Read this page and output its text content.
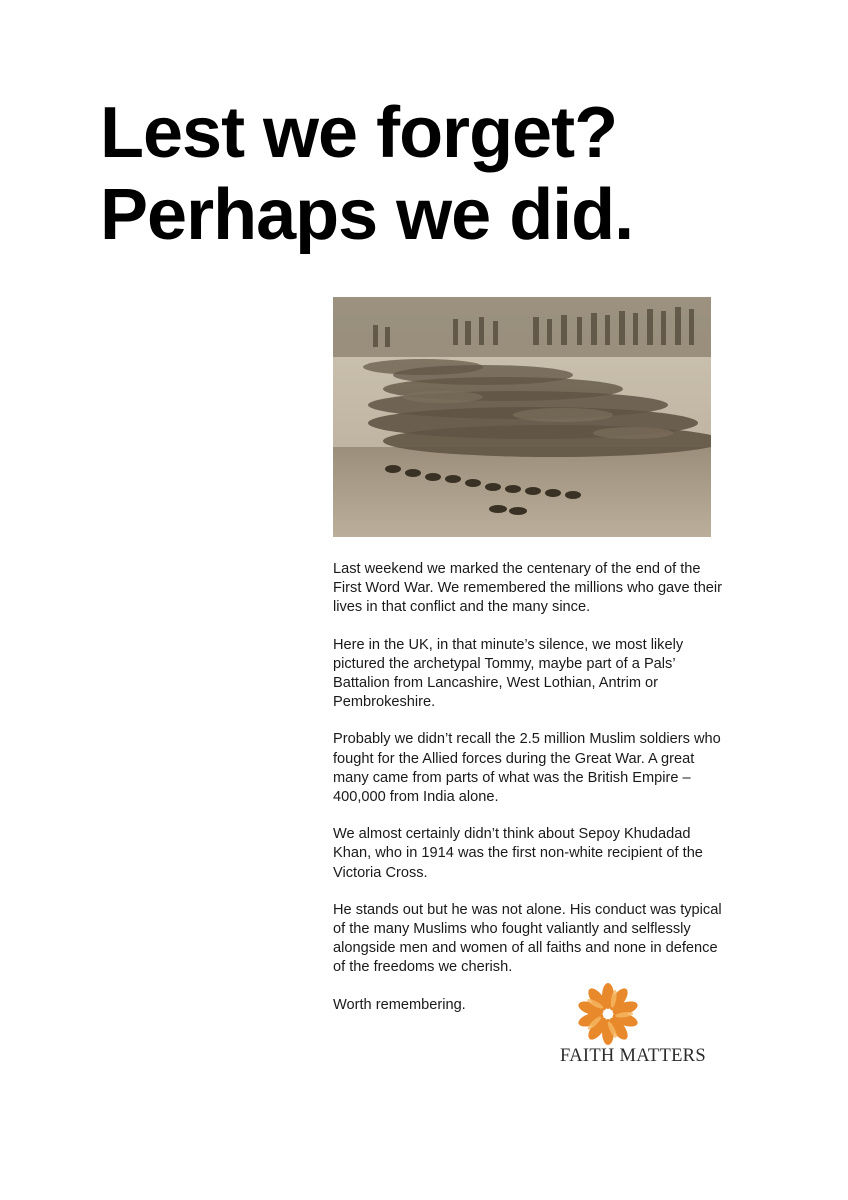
Lest we forget?
Perhaps we did.

Last weekend we marked the centenary of the end of the First Word War. We remembered the millions who gave their lives in that conflict and the many since.

Here in the UK, in that minute’s silence, we most likely pictured the archetypal Tommy, maybe part of a Pals’ Battalion from Lancashire, West Lothian, Antrim or Pembrokeshire.

Probably we didn’t recall the 2.5 million Muslim soldiers who fought for the Allied forces during the Great War. A great many came from parts of what was the British Empire – 400,000 from India alone.

We almost certainly didn’t think about Sepoy Khudadad Khan, who in 1914 was the first non-white recipient of the Victoria Cross.

He stands out but he was not alone. His conduct was typical of the many Muslims who fought valiantly and selflessly alongside men and women of all faiths and none in defence of the freedoms we cherish.

Worth remembering.

FAITH MATTERS
